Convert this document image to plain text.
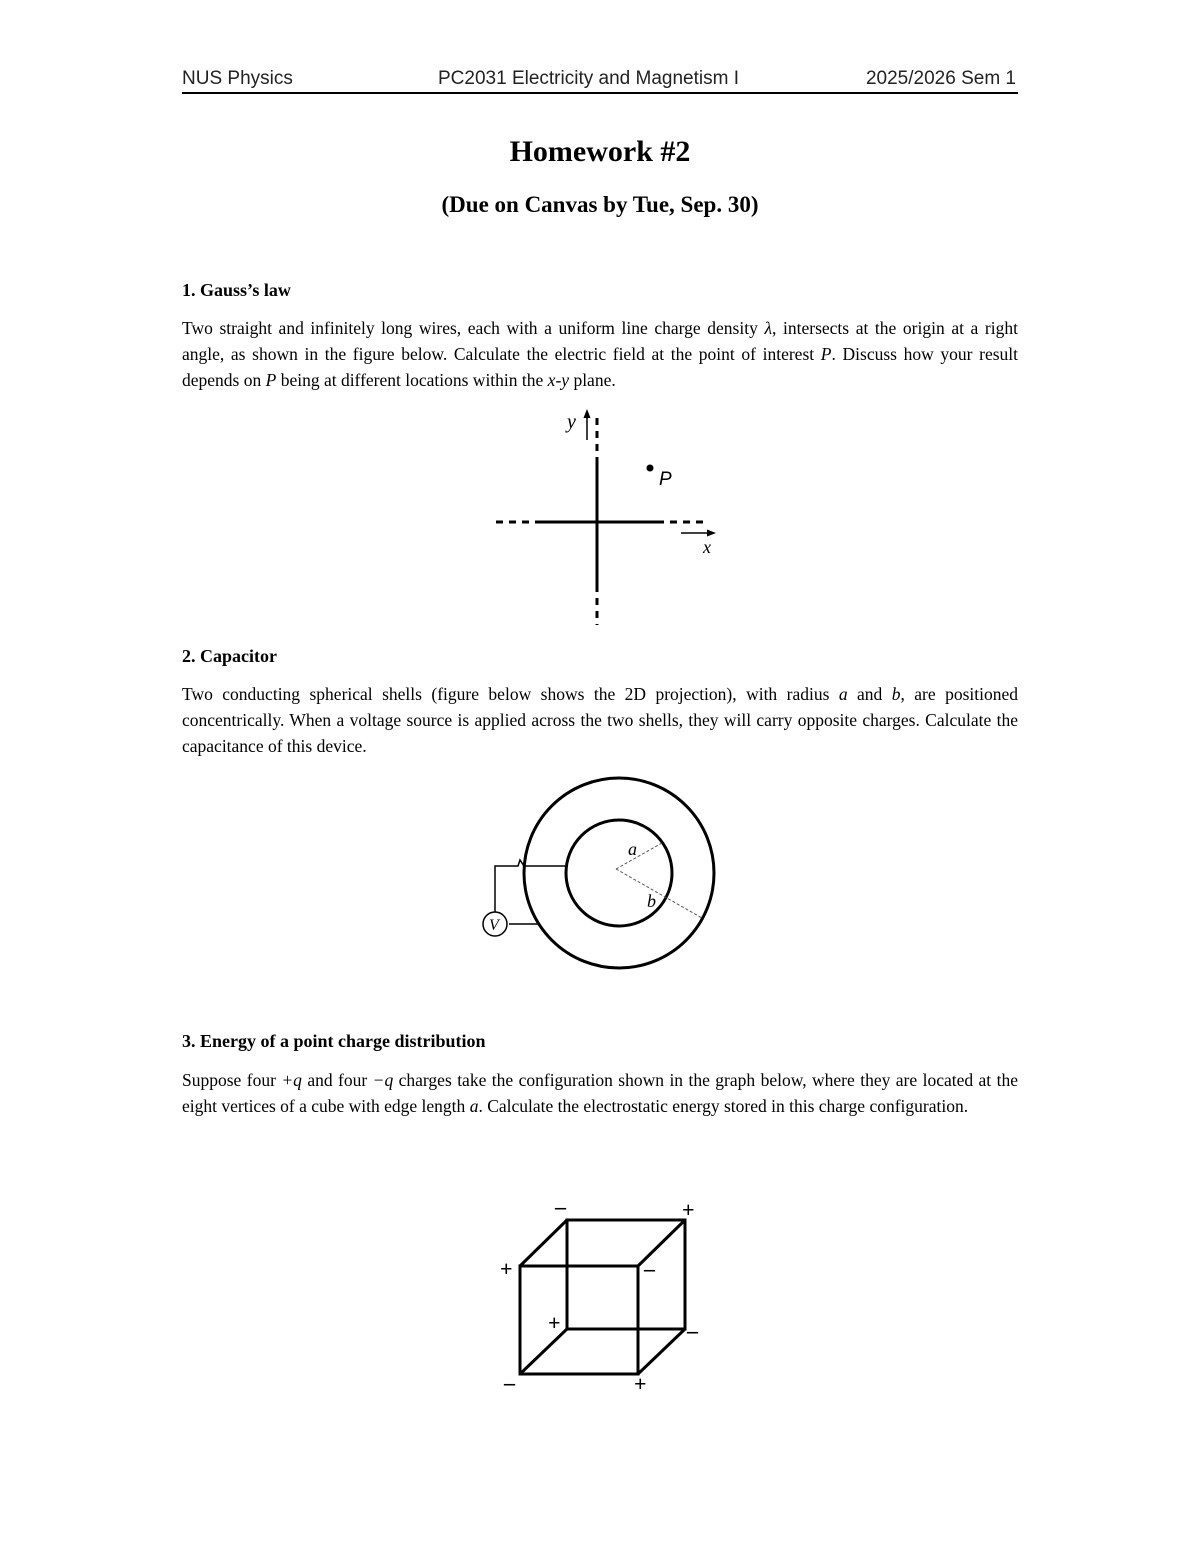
NUS Physics	PC2031 Electricity and Magnetism I	2025/2026 Sem 1
Homework #2
(Due on Canvas by Tue, Sep. 30)
1. Gauss’s law
Two straight and infinitely long wires, each with a uniform line charge density λ, intersects at the origin at a right angle, as shown in the figure below. Calculate the electric field at the point of interest P. Discuss how your result depends on P being at different locations within the x-y plane.
y
x
P
2. Capacitor
Two conducting spherical shells (figure below shows the 2D projection), with radius a and b, are positioned concentrically. When a voltage source is applied across the two shells, they will carry opposite charges. Calculate the capacitance of this device.
a
b
V
3. Energy of a point charge distribution
Suppose four +q and four −q charges take the configuration shown in the graph below, where they are located at the eight vertices of a cube with edge length a. Calculate the electrostatic energy stored in this charge configuration.
–	+
+	–
+	–
–	+
